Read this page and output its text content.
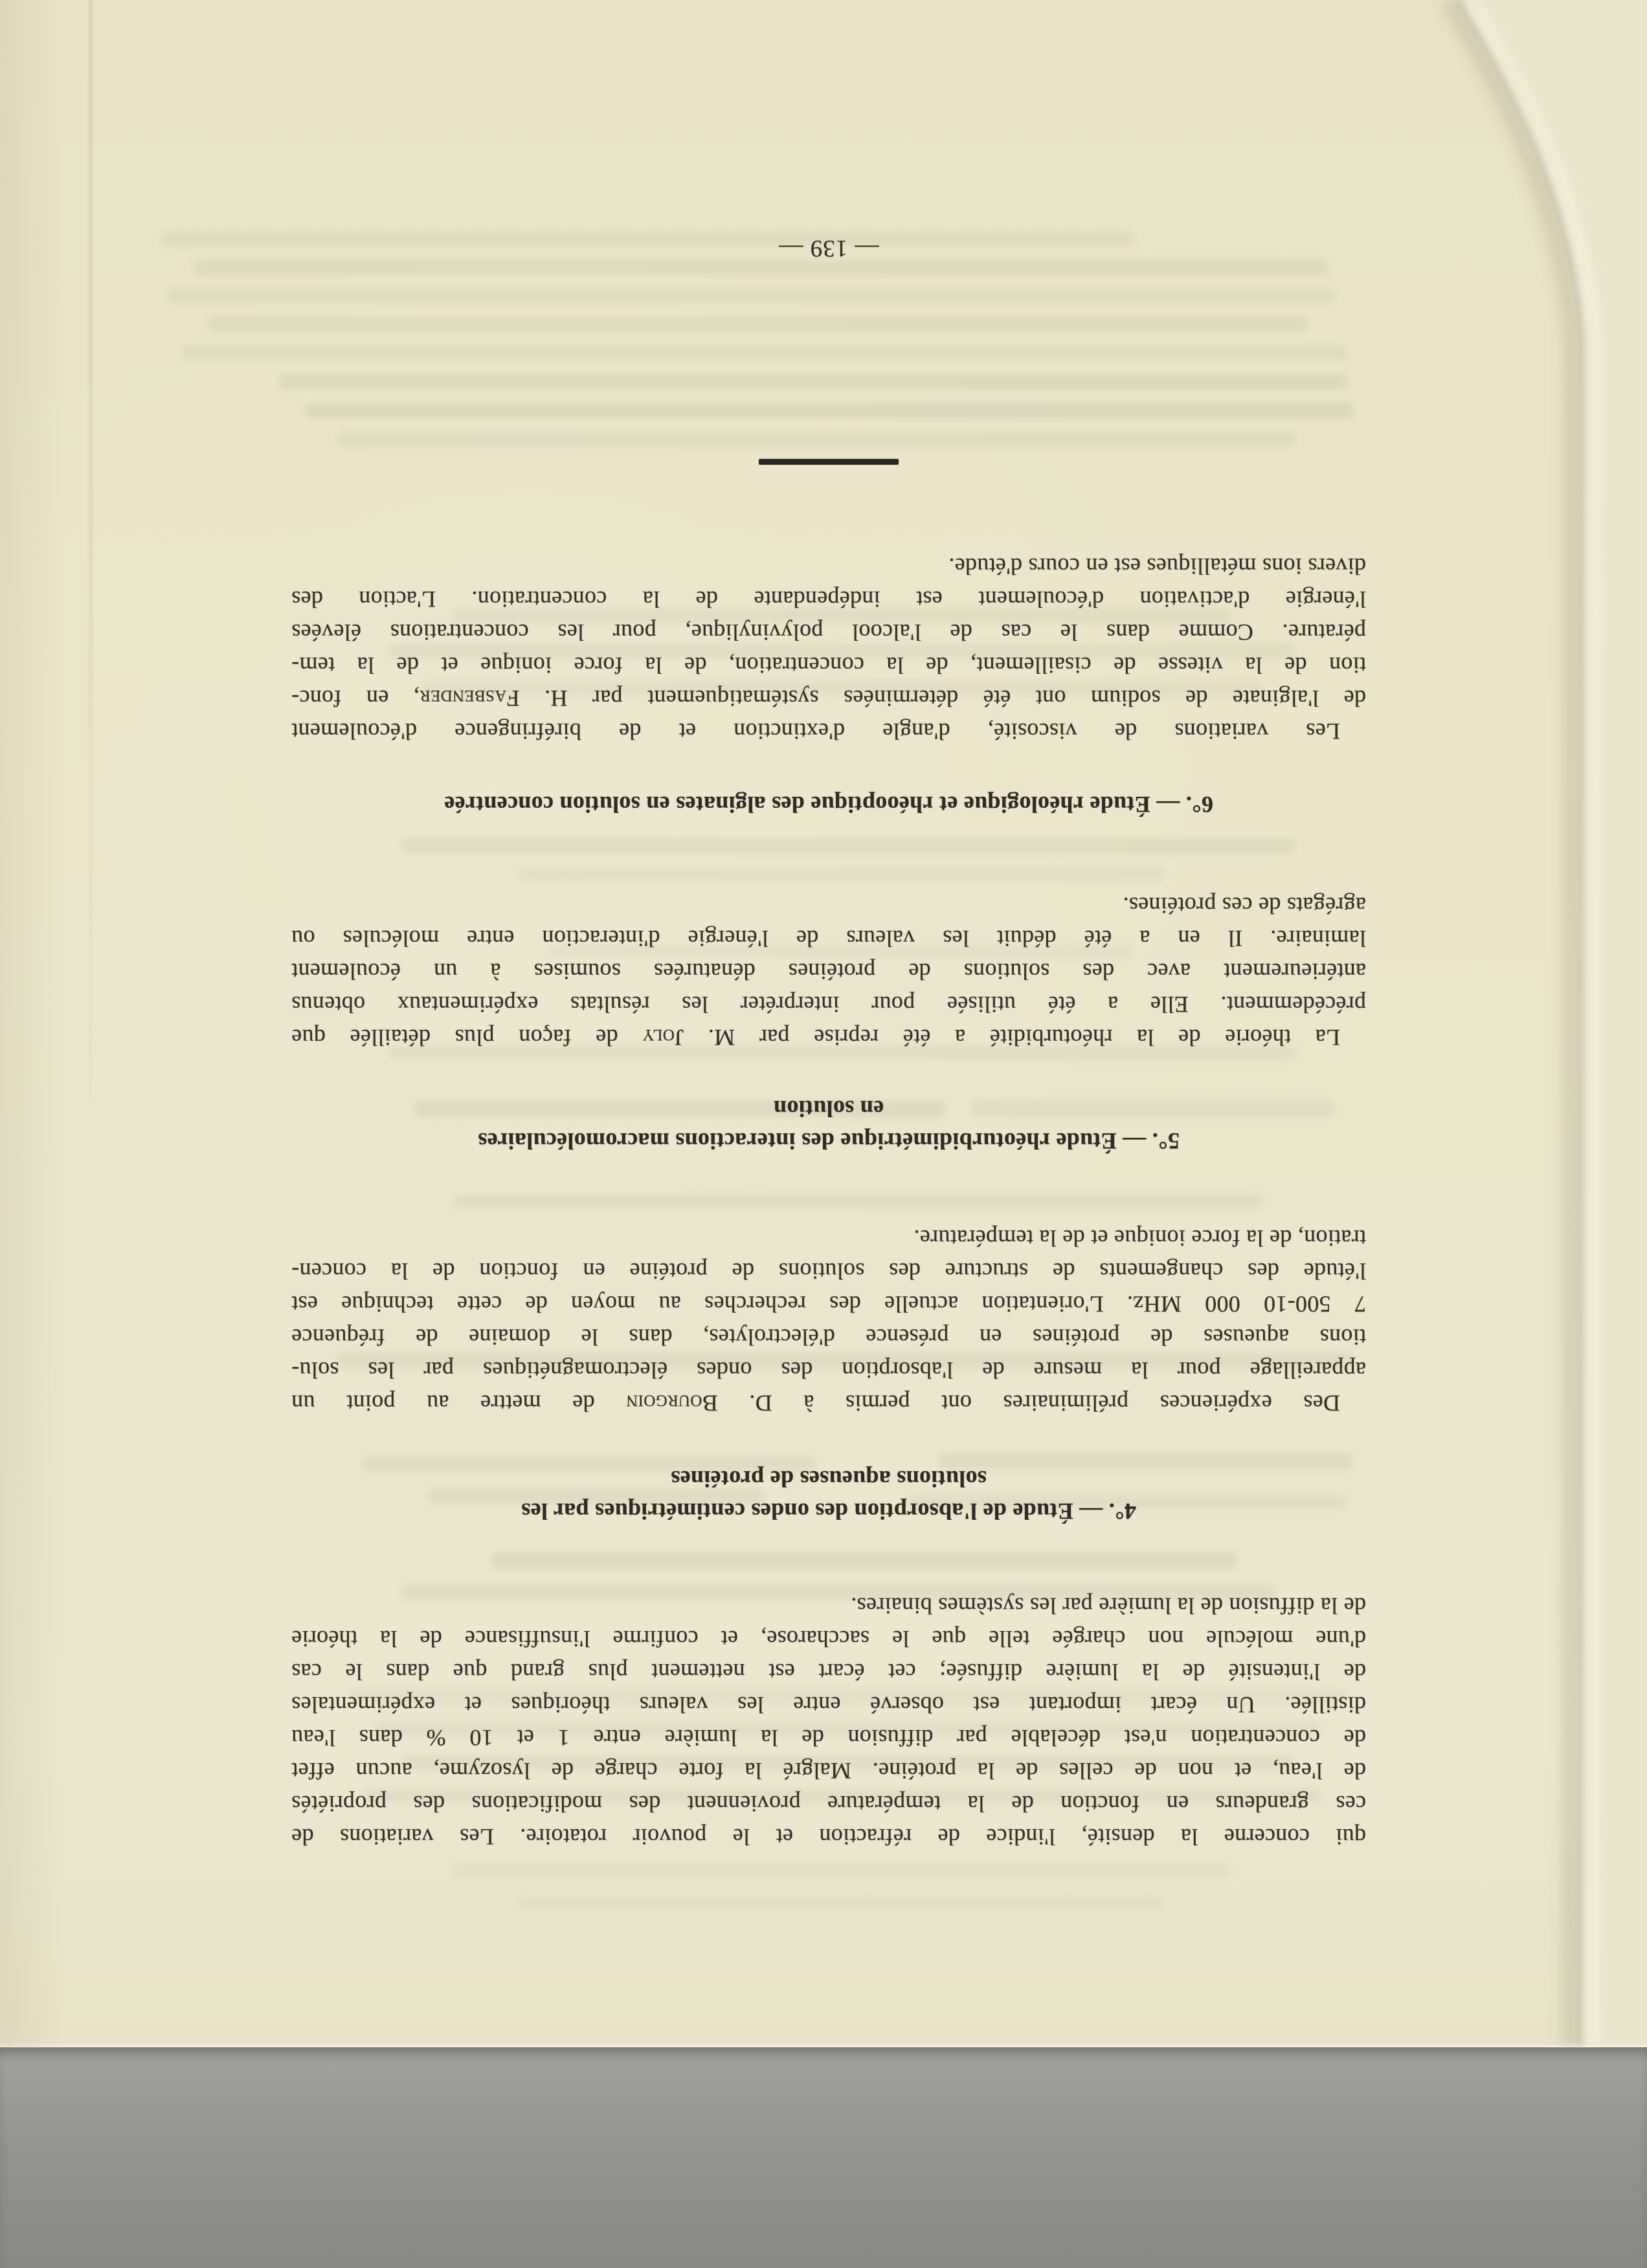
qui concerne la densité, l'indice de réfraction et le pouvoir rotatoire. Les variations de
ces grandeurs en fonction de la température proviennent des modifications des propriétés
de l'eau, et non de celles de la protéine. Malgré la forte charge de lysozyme, aucun effet
de concentration n'est décelable par diffusion de la lumière entre 1 et 10 % dans l'eau
distillée. Un écart important est observé entre les valeurs théoriques et expérimentales
de l'intensité de la lumière diffusée; cet écart est nettement plus grand que dans le cas
d'une molécule non chargée telle que le saccharose, et confirme l'insuffisance de la théorie
de la diffusion de la lumière par les systèmes binaires.
4°. — Étude de l'absorption des ondes centimétriques par les
solutions aqueuses de protéines
Des expériences préliminaires ont permis à D. Bourgoin de mettre au point un
appareillage pour la mesure de l'absorption des ondes électromagnétiques par les solu-
tions aqueuses de protéines en présence d'électrolytes, dans le domaine de fréquence
7 500-10 000 MHz. L'orientation actuelle des recherches au moyen de cette technique est
l'étude des changements de structure des solutions de protéine en fonction de la concen-
tration, de la force ionique et de la température.
5°. — Étude rhéoturbidimétrique des interactions macromoléculaires
en solution
La théorie de la rhéoturbidité a été reprise par M. Joly de façon plus détaillée que
précédemment. Elle a été utilisée pour interpréter les résultats expérimentaux obtenus
antérieurement avec des solutions de protéines dénaturées soumises à un écoulement
laminaire. Il en a été déduit les valeurs de l'énergie d'interaction entre molécules ou
agrégats de ces protéines.
6°. — Étude rhéologique et rhéooptique des alginates en solution concentrée
Les variations de viscosité, d'angle d'extinction et de biréfringence d'écoulement
de l'alginate de sodium ont été déterminées systématiquement par H. Fasbender, en fonc-
tion de la vitesse de cisaillement, de la concentration, de la force ionique et de la tem-
pérature. Comme dans le cas de l'alcool polyvinylique, pour les concentrations élevées
l'énergie d'activation d'écoulement est indépendante de la concentration. L'action des
divers ions métalliques est en cours d'étude.
— 139 —
